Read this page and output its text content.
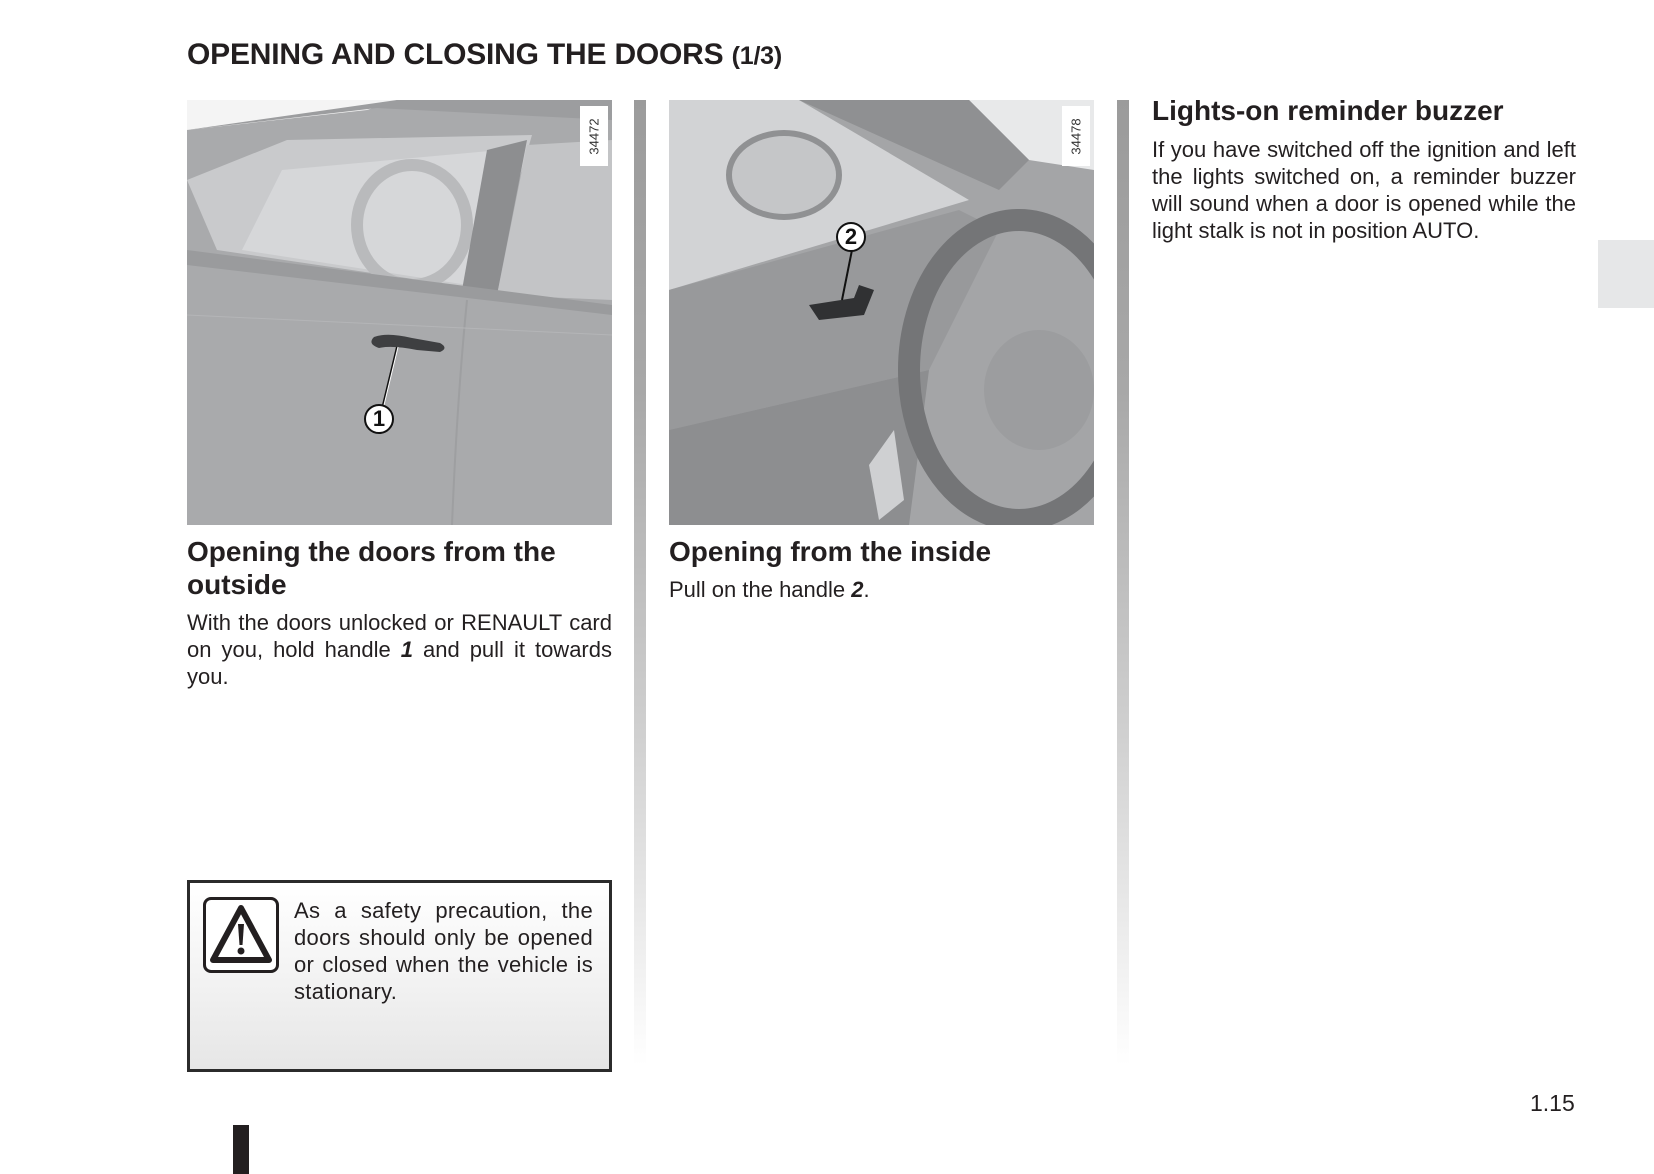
OPENING AND CLOSING THE DOORS (1/3)
1
34472
Opening the doors from the outside

With the doors unlocked or RENAULT card on you, hold handle 1 and pull it towards you.

2
34478
Opening from the inside

Pull on the handle 2.

Lights-on reminder buzzer

If you have switched off the ignition and left the lights switched on, a reminder buzzer will sound when a door is opened while the light stalk is not in position AUTO.

As a safety precaution, the doors should only be opened or closed when the vehicle is stationary.
1.15
